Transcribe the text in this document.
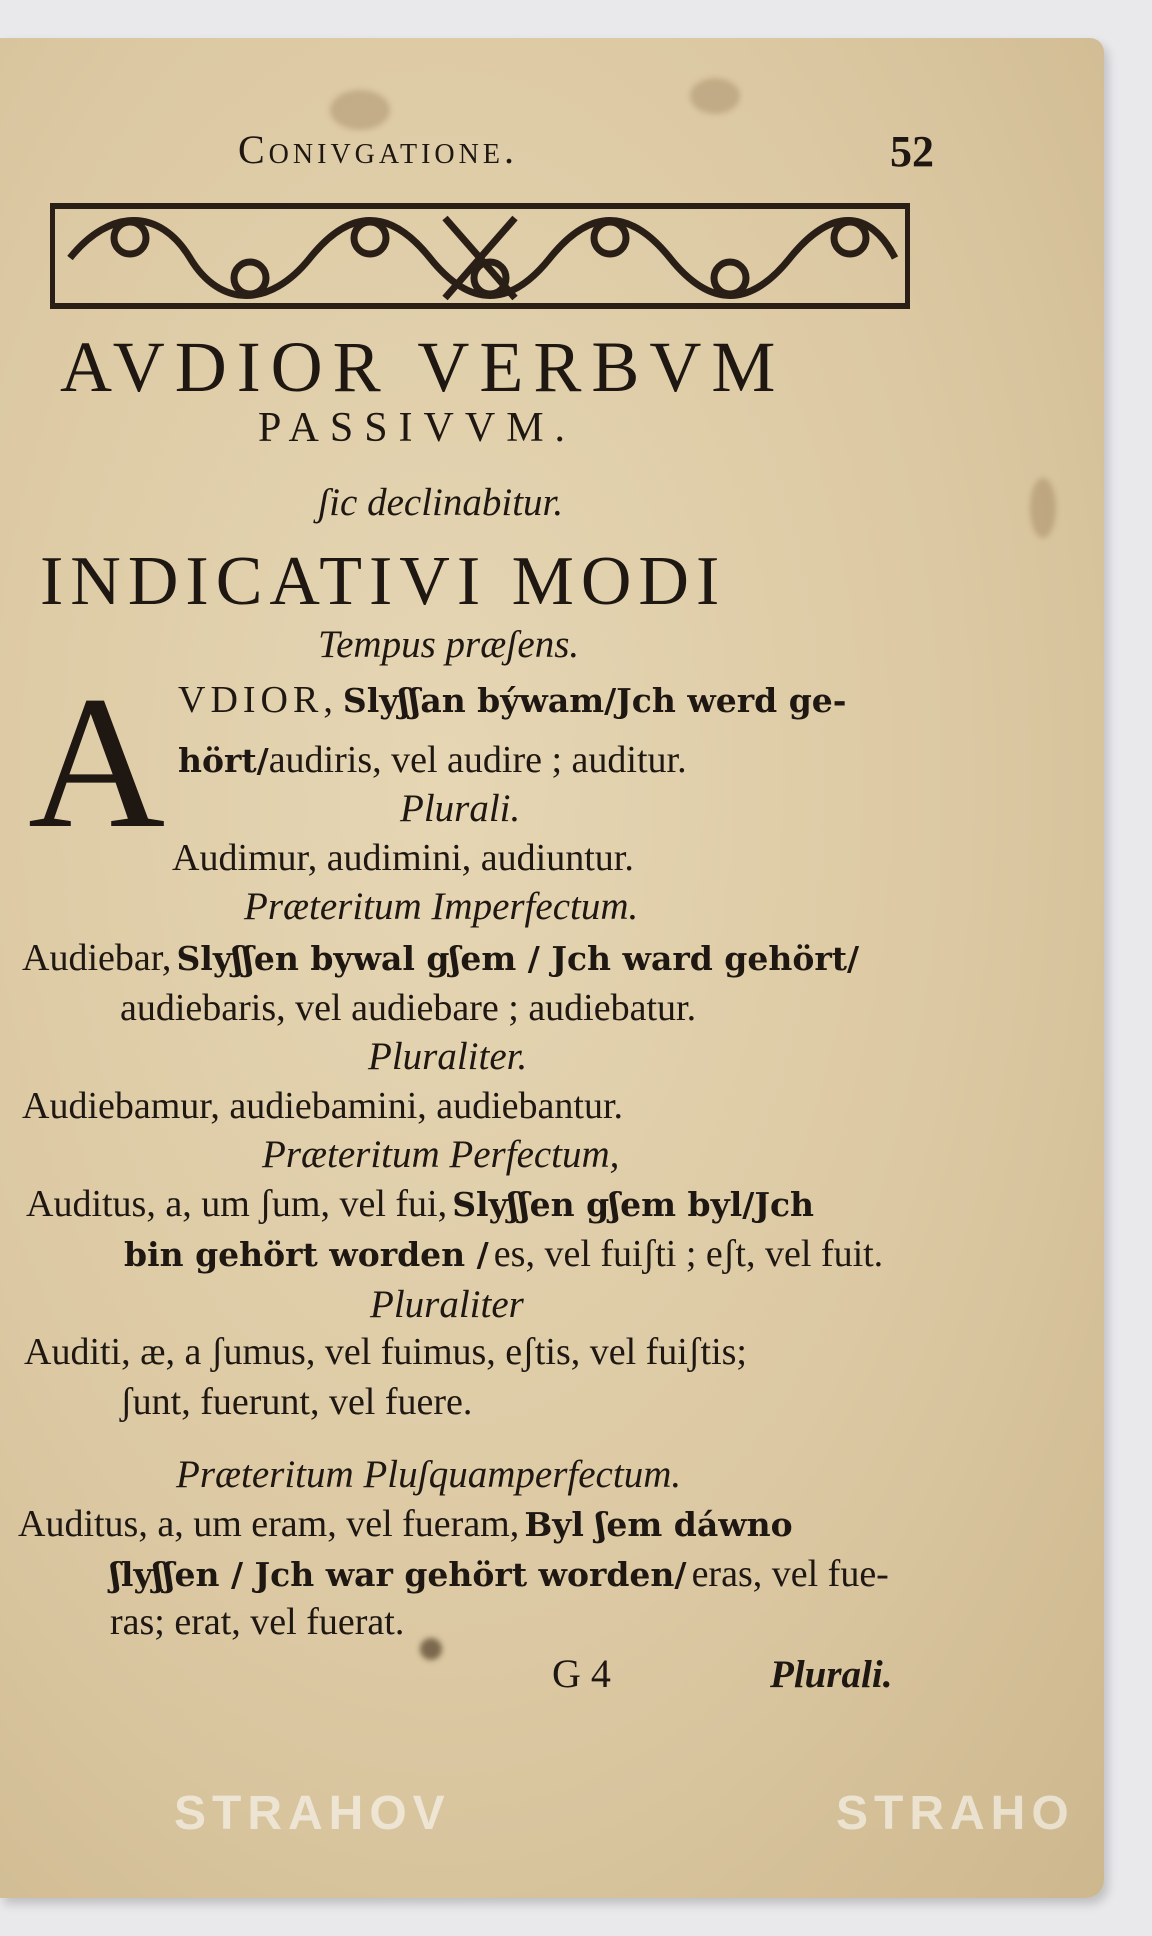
Conivgatione.	52
AVDIOR VERBVM
PASSIVVM.
ʃic declinabitur.
INDICATIVI MODI
Tempus præʃens.
A VDIOR, Slyʃʃan býwam/Jch werd ge-
hört/audiris, vel audire ; auditur.
Plurali.
Audimur, audimini, audiuntur.
Præteritum Imperfectum.
Audiebar, Slyʃʃen bywal gʃem / Jch ward gehört/
audiebaris, vel audiebare ; audiebatur.
Pluraliter.
Audiebamur, audiebamini, audiebantur.
Præteritum Perfectum,
Auditus, a, um ʃum, vel fui, Slyʃʃen gʃem byl/Jch
bin gehört worden / es, vel fuiʃti ; eʃt, vel fuit.
Pluraliter
Auditi, æ, a ʃumus, vel fuimus, eʃtis, vel fuiʃtis;
ʃunt, fuerunt, vel fuere.
Præteritum Pluʃquamperfectum.
Auditus, a, um eram, vel fueram, Byl ʃem dáwno
ʃlyʃʃen / Jch war gehört worden/ eras, vel fue-
ras; erat, vel fuerat.
G 4	Plurali.
STRAHOV	STRAHO
